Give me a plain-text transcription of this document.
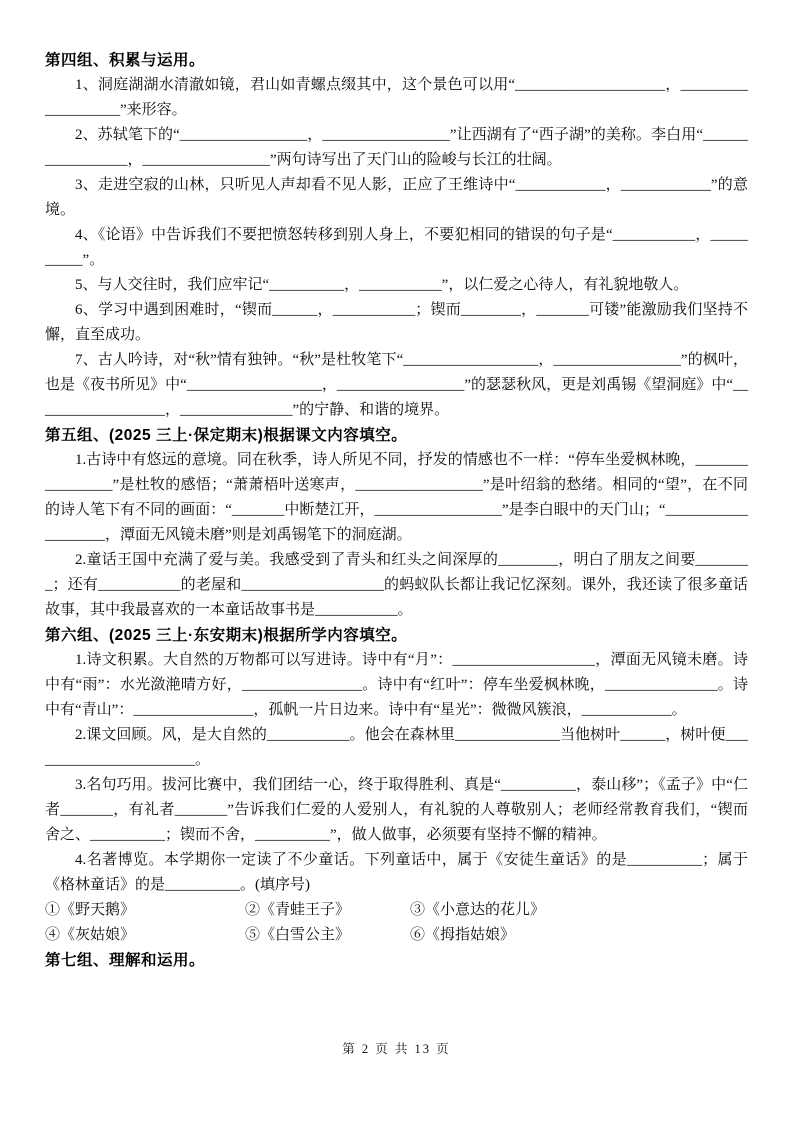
第四组、积累与运用。

1、洞庭湖湖水清澈如镜，君山如青螺点缀其中，这个景色可以用“____________________，___________________”来形容。

2、苏轼笔下的“_________________，_________________”让西湖有了“西子湖”的美称。李白用“_________________，_________________”两句诗写出了天门山的险峻与长江的壮阔。

3、走进空寂的山林，只听见人声却看不见人影，正应了王维诗中“____________，____________”的意境。

4、《论语》中告诉我们不要把愤怒转移到别人身上，不要犯相同的错误的句子是“___________，__________”。

5、与人交往时，我们应牢记“__________，___________”，以仁爱之心待人，有礼貌地敬人。

6、学习中遇到困难时，“锲而______，___________；锲而________，_______可镂”能激励我们坚持不懈，直至成功。

7、古人吟诗，对“秋”情有独钟。“秋”是杜牧笔下“__________________，_________________”的枫叶，也是《夜书所见》中“__________________，_________________”的瑟瑟秋风，更是刘禹锡《望洞庭》中“__________________，_______________”的宁静、和谐的境界。

第五组、(2025 三上·保定期末)根据课文内容填空。

1.古诗中有悠远的意境。同在秋季，诗人所见不同，抒发的情感也不一样：“停车坐爱枫林晚，________________”是杜牧的感悟；“萧萧梧叶送寒声，_________________”是叶绍翁的愁绪。相同的“望”，在不同的诗人笔下有不同的画面：“_______中断楚江开，_________________”是李白眼中的天门山；“___________________，潭面无风镜未磨”则是刘禹锡笔下的洞庭湖。

2.童话王国中充满了爱与美。我感受到了青头和红头之间深厚的________，明白了朋友之间要________；还有___________的老屋和___________________的蚂蚁队长都让我记忆深刻。课外，我还读了很多童话故事，其中我最喜欢的一本童话故事书是___________。

第六组、(2025 三上·东安期末)根据所学内容填空。

1.诗文积累。大自然的万物都可以写进诗。诗中有“月”：___________________，潭面无风镜未磨。诗中有“雨”：水光潋滟晴方好，________________。诗中有“红叶”：停车坐爱枫林晚，_______________。诗中有“青山”：________________，孤帆一片日边来。诗中有“星光”：微微风簇浪，____________。

2.课文回顾。风，是大自然的___________。他会在森林里______________当他树叶______，树叶便_______________________。

3.名句巧用。拔河比赛中，我们团结一心，终于取得胜利、真是“__________，泰山移”；《孟子》中“仁者_______，有礼者_______”告诉我们仁爱的人爱别人，有礼貌的人尊敬别人；老师经常教育我们，“锲而舍之、__________；锲而不舍，__________”，做人做事，必须要有坚持不懈的精神。

4.名著博览。本学期你一定读了不少童话。下列童话中，属于《安徒生童话》的是__________；属于《格林童话》的是__________。(填序号)

①《野天鹅》	②《青蛙王子》	③《小意达的花儿》
④《灰姑娘》	⑤《白雪公主》	⑥《拇指姑娘》
第七组、理解和运用。
第 2 页 共 13 页
